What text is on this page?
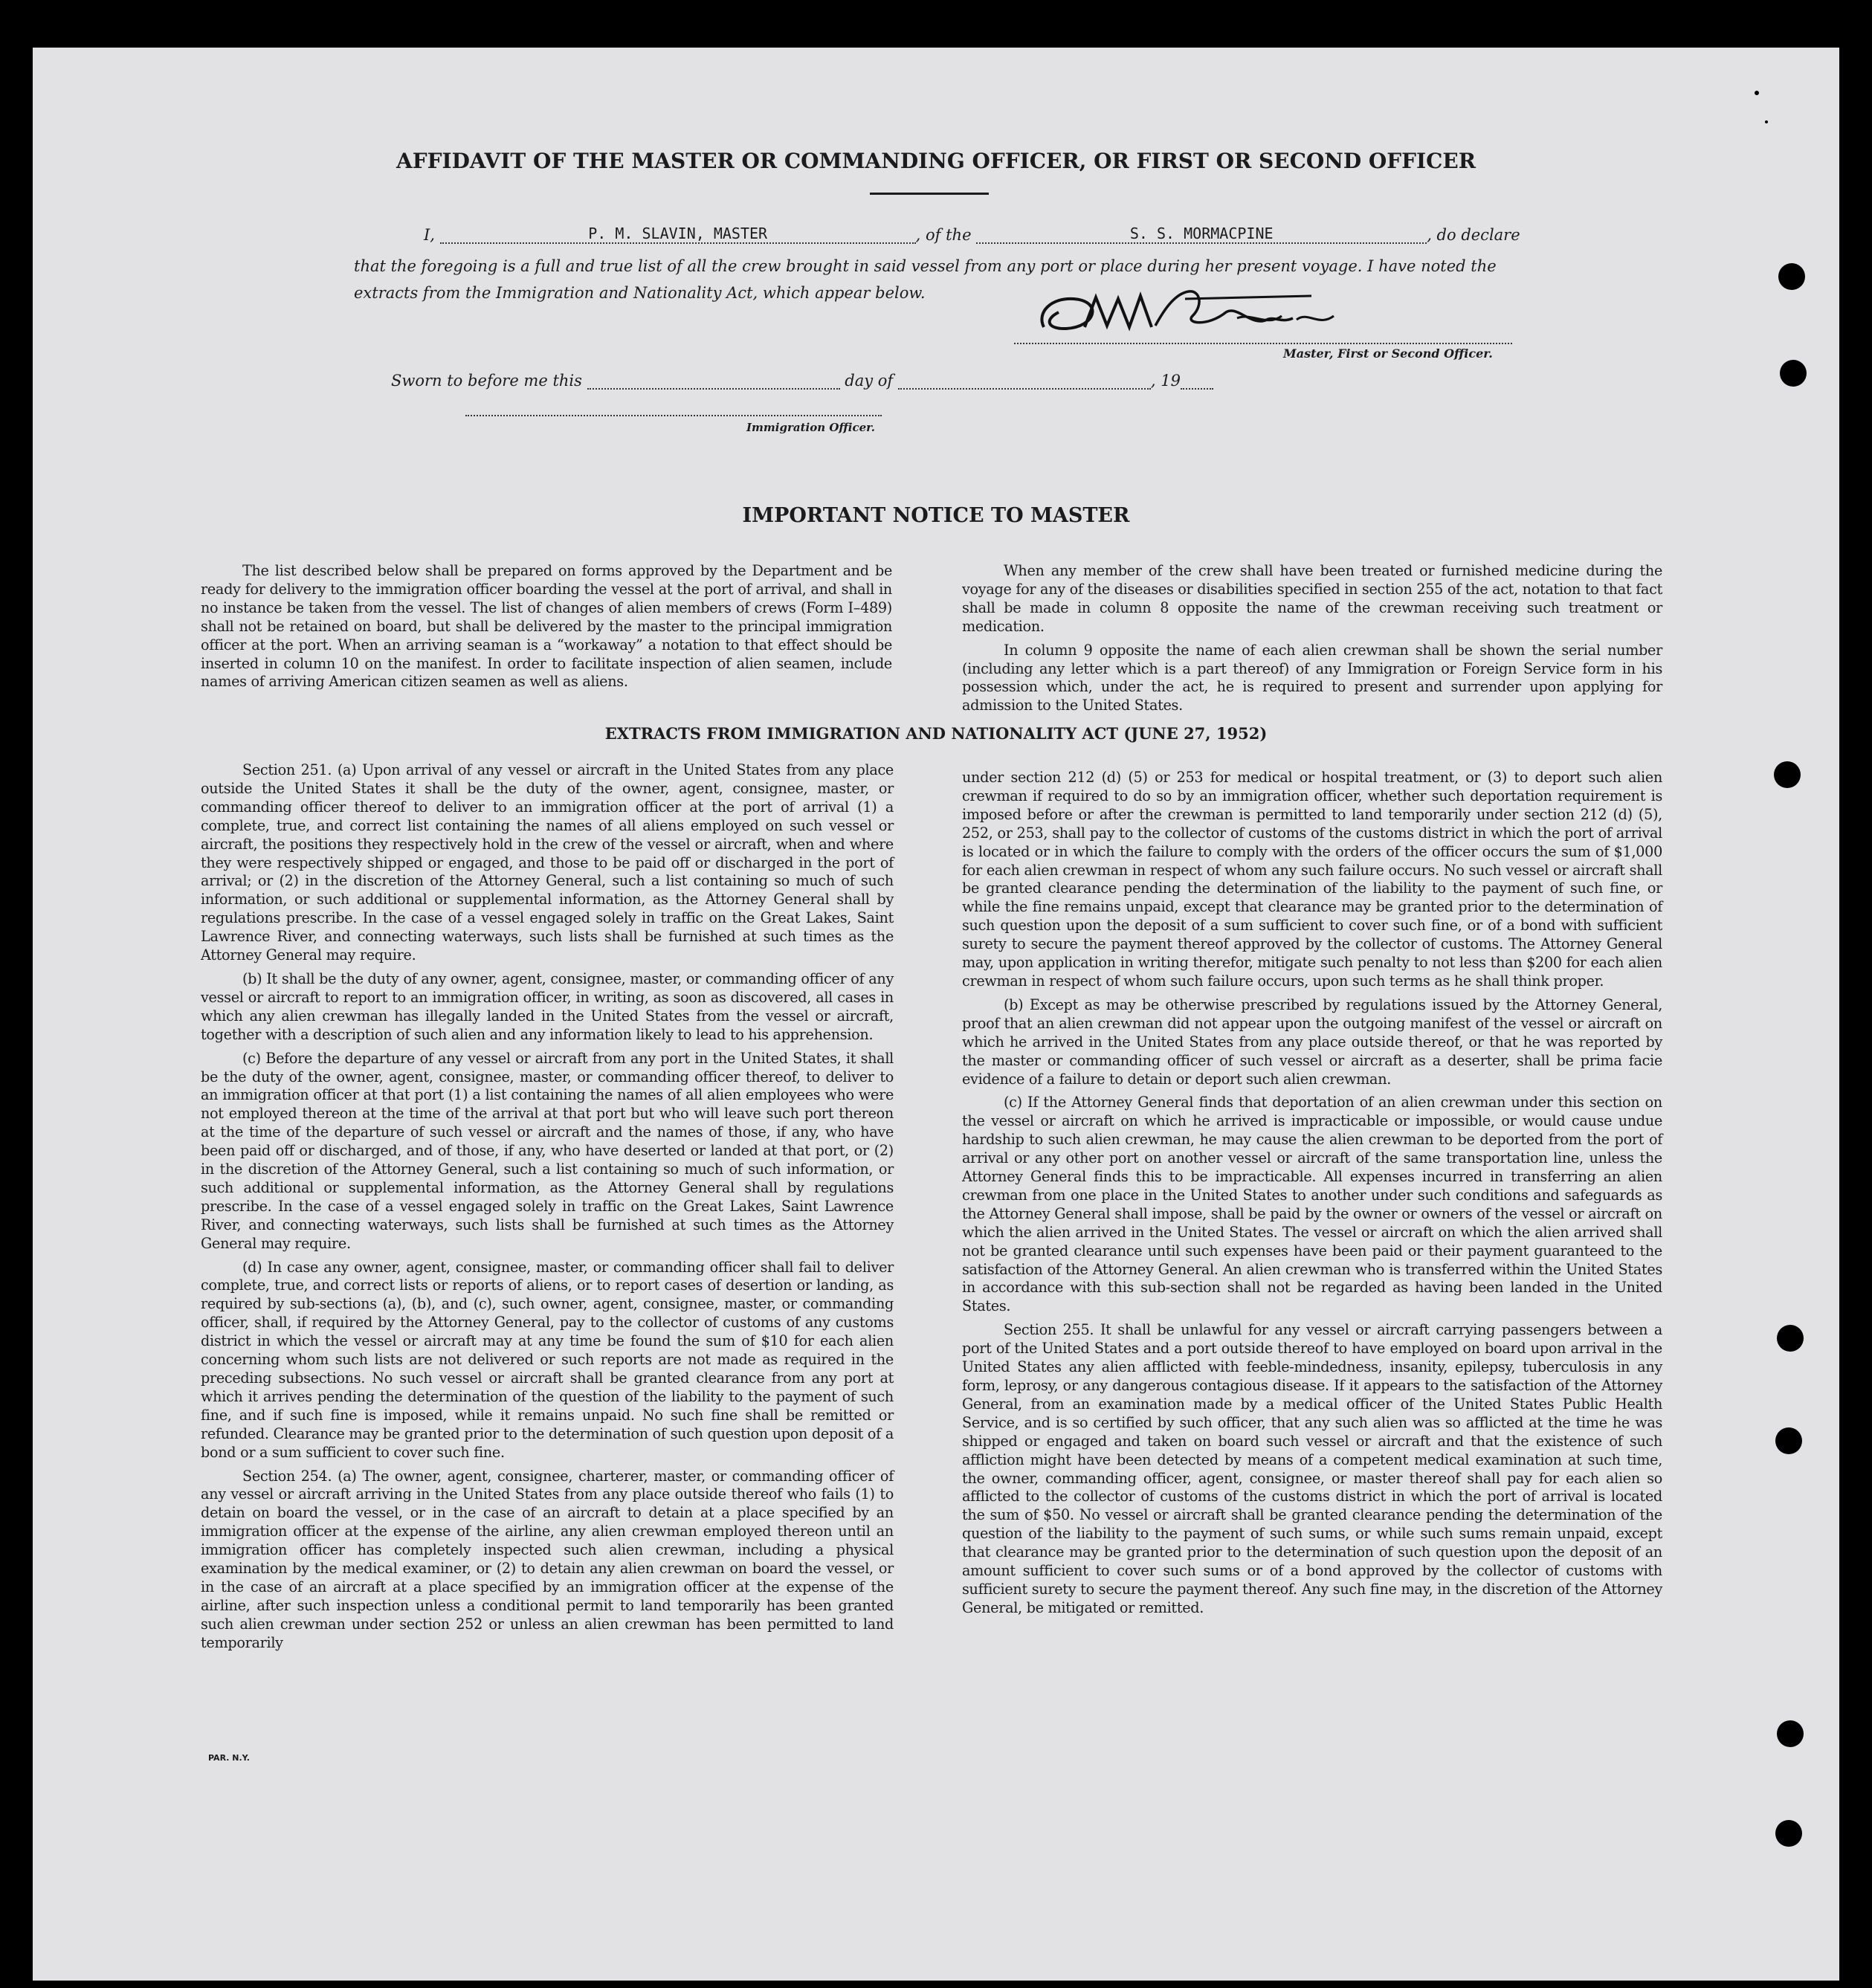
AFFIDAVIT OF THE MASTER OR COMMANDING OFFICER, OR FIRST OR SECOND OFFICER
I,	P. M. SLAVIN, MASTER	, of the	S. S. MORMACPINE	, do declare
that the foregoing is a full and true list of all the crew brought in said vessel from any port or place during her present voyage. I have noted the extracts from the Immigration and Nationality Act, which appear below.
Master, First or Second Officer.
Sworn to before me this	day of	, 19
Immigration Officer.
IMPORTANT NOTICE TO MASTER

The list described below shall be prepared on forms approved by the Department and be ready for delivery to the immigration officer boarding the vessel at the port of arrival, and shall in no instance be taken from the vessel. The list of changes of alien members of crews (Form I–489) shall not be retained on board, but shall be delivered by the master to the principal immigration officer at the port. When an arriving seaman is a “workaway” a notation to that effect should be inserted in column 10 on the manifest. In order to facilitate inspection of alien seamen, include names of arriving American citizen seamen as well as aliens.

When any member of the crew shall have been treated or furnished medicine during the voyage for any of the diseases or disabilities specified in section 255 of the act, notation to that fact shall be made in column 8 opposite the name of the crewman receiving such treatment or medication.

In column 9 opposite the name of each alien crewman shall be shown the serial number (including any letter which is a part thereof) of any Immigration or Foreign Service form in his possession which, under the act, he is required to present and surrender upon applying for admission to the United States.

EXTRACTS FROM IMMIGRATION AND NATIONALITY ACT (JUNE 27, 1952)

Section 251. (a) Upon arrival of any vessel or aircraft in the United States from any place outside the United States it shall be the duty of the owner, agent, consignee, master, or commanding officer thereof to deliver to an immigration officer at the port of arrival (1) a complete, true, and correct list containing the names of all aliens employed on such vessel or aircraft, the positions they respectively hold in the crew of the vessel or aircraft, when and where they were respectively shipped or engaged, and those to be paid off or discharged in the port of arrival; or (2) in the discretion of the Attorney General, such a list containing so much of such information, or such additional or supplemental information, as the Attorney General shall by regulations prescribe. In the case of a vessel engaged solely in traffic on the Great Lakes, Saint Lawrence River, and connecting waterways, such lists shall be furnished at such times as the Attorney General may require.

(b) It shall be the duty of any owner, agent, consignee, master, or commanding officer of any vessel or aircraft to report to an immigration officer, in writing, as soon as discovered, all cases in which any alien crewman has illegally landed in the United States from the vessel or aircraft, together with a description of such alien and any information likely to lead to his apprehension.

(c) Before the departure of any vessel or aircraft from any port in the United States, it shall be the duty of the owner, agent, consignee, master, or commanding officer thereof, to deliver to an immigration officer at that port (1) a list containing the names of all alien employees who were not employed thereon at the time of the arrival at that port but who will leave such port thereon at the time of the departure of such vessel or aircraft and the names of those, if any, who have been paid off or discharged, and of those, if any, who have deserted or landed at that port, or (2) in the discretion of the Attorney General, such a list containing so much of such information, or such additional or supplemental information, as the Attorney General shall by regulations prescribe. In the case of a vessel engaged solely in traffic on the Great Lakes, Saint Lawrence River, and connecting waterways, such lists shall be furnished at such times as the Attorney General may require.

(d) In case any owner, agent, consignee, master, or commanding officer shall fail to deliver complete, true, and correct lists or reports of aliens, or to report cases of desertion or landing, as required by sub-sections (a), (b), and (c), such owner, agent, consignee, master, or commanding officer, shall, if required by the Attorney General, pay to the collector of customs of any customs district in which the vessel or aircraft may at any time be found the sum of $10 for each alien concerning whom such lists are not delivered or such reports are not made as required in the preceding subsections. No such vessel or aircraft shall be granted clearance from any port at which it arrives pending the determination of the question of the liability to the payment of such fine, and if such fine is imposed, while it remains unpaid. No such fine shall be remitted or refunded. Clearance may be granted prior to the determination of such question upon deposit of a bond or a sum sufficient to cover such fine.

Section 254. (a) The owner, agent, consignee, charterer, master, or commanding officer of any vessel or aircraft arriving in the United States from any place outside thereof who fails (1) to detain on board the vessel, or in the case of an aircraft to detain at a place specified by an immigration officer at the expense of the airline, any alien crewman employed thereon until an immigration officer has completely inspected such alien crewman, including a physical examination by the medical examiner, or (2) to detain any alien crewman on board the vessel, or in the case of an aircraft at a place specified by an immigration officer at the expense of the airline, after such inspection unless a conditional permit to land temporarily has been granted such alien crewman under section 252 or unless an alien crewman has been permitted to land temporarily

under section 212 (d) (5) or 253 for medical or hospital treatment, or (3) to deport such alien crewman if required to do so by an immigration officer, whether such deportation requirement is imposed before or after the crewman is permitted to land temporarily under section 212 (d) (5), 252, or 253, shall pay to the collector of customs of the customs district in which the port of arrival is located or in which the failure to comply with the orders of the officer occurs the sum of $1,000 for each alien crewman in respect of whom any such failure occurs. No such vessel or aircraft shall be granted clearance pending the determination of the liability to the payment of such fine, or while the fine remains unpaid, except that clearance may be granted prior to the determination of such question upon the deposit of a sum sufficient to cover such fine, or of a bond with sufficient surety to secure the payment thereof approved by the collector of customs. The Attorney General may, upon application in writing therefor, mitigate such penalty to not less than $200 for each alien crewman in respect of whom such failure occurs, upon such terms as he shall think proper.

(b) Except as may be otherwise prescribed by regulations issued by the Attorney General, proof that an alien crewman did not appear upon the outgoing manifest of the vessel or aircraft on which he arrived in the United States from any place outside thereof, or that he was reported by the master or commanding officer of such vessel or aircraft as a deserter, shall be prima facie evidence of a failure to detain or deport such alien crewman.

(c) If the Attorney General finds that deportation of an alien crewman under this section on the vessel or aircraft on which he arrived is impracticable or impossible, or would cause undue hardship to such alien crewman, he may cause the alien crewman to be deported from the port of arrival or any other port on another vessel or aircraft of the same transportation line, unless the Attorney General finds this to be impracticable. All expenses incurred in transferring an alien crewman from one place in the United States to another under such conditions and safeguards as the Attorney General shall impose, shall be paid by the owner or owners of the vessel or aircraft on which the alien arrived in the United States. The vessel or aircraft on which the alien arrived shall not be granted clearance until such expenses have been paid or their payment guaranteed to the satisfaction of the Attorney General. An alien crewman who is transferred within the United States in accordance with this sub-section shall not be regarded as having been landed in the United States.

Section 255. It shall be unlawful for any vessel or aircraft carrying passengers between a port of the United States and a port outside thereof to have employed on board upon arrival in the United States any alien afflicted with feeble-mindedness, insanity, epilepsy, tuberculosis in any form, leprosy, or any dangerous contagious disease. If it appears to the satisfaction of the Attorney General, from an examination made by a medical officer of the United States Public Health Service, and is so certified by such officer, that any such alien was so afflicted at the time he was shipped or engaged and taken on board such vessel or aircraft and that the existence of such affliction might have been detected by means of a competent medical examination at such time, the owner, commanding officer, agent, consignee, or master thereof shall pay for each alien so afflicted to the collector of customs of the customs district in which the port of arrival is located the sum of $50. No vessel or aircraft shall be granted clearance pending the determination of the question of the liability to the payment of such sums, or while such sums remain unpaid, except that clearance may be granted prior to the determination of such question upon the deposit of an amount sufficient to cover such sums or of a bond approved by the collector of customs with sufficient surety to secure the payment thereof. Any such fine may, in the discretion of the Attorney General, be mitigated or remitted.

PAR. N.Y.
